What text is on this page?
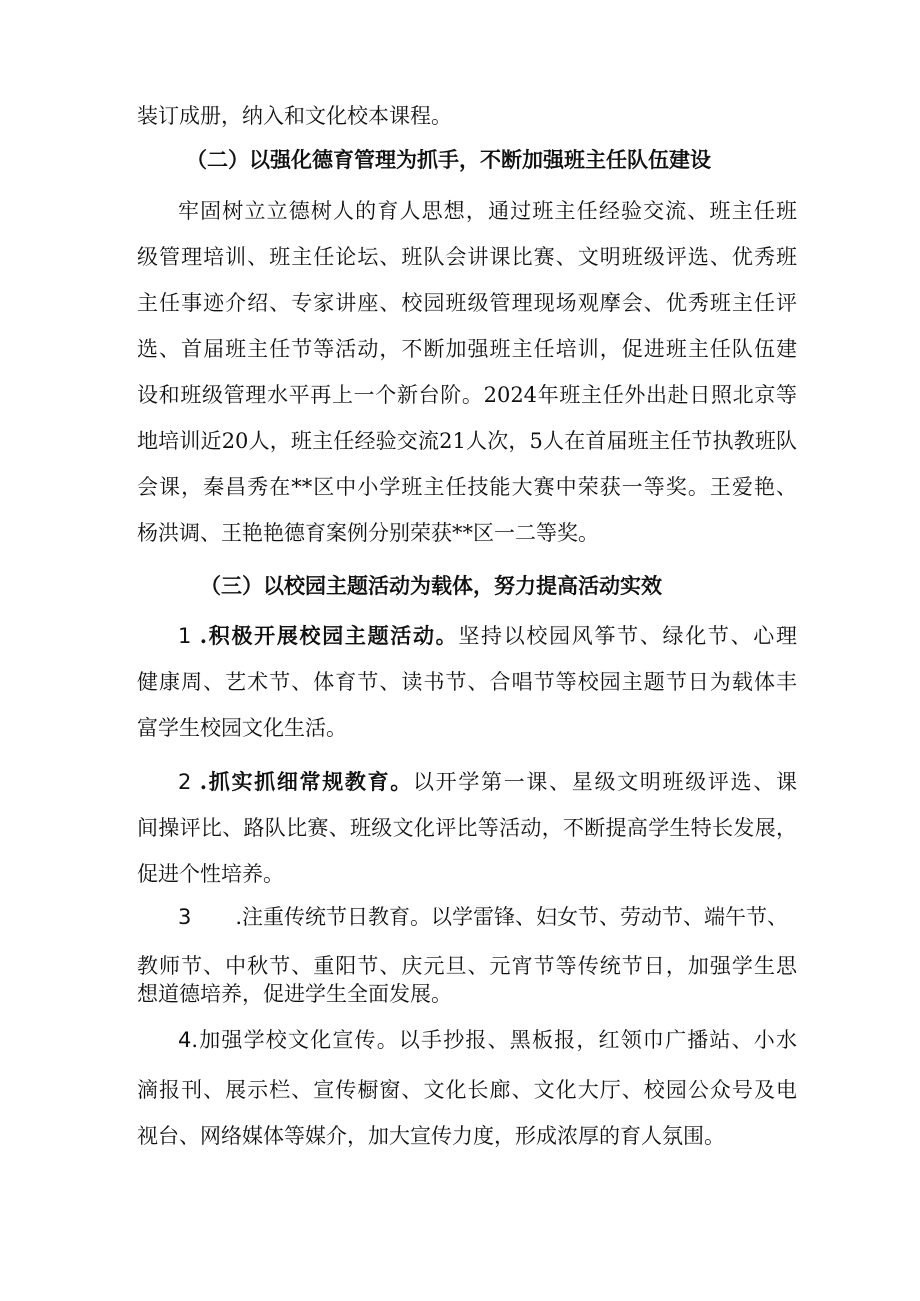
装订成册，纳入和文化校本课程。
（二）以强化德育管理为抓手，不断加强班主任队伍建设
牢固树立立德树人的育人思想，通过班主任经验交流、班主任班
级管理培训、班主任论坛、班队会讲课比赛、文明班级评选、优秀班
主任事迹介绍、专家讲座、校园班级管理现场观摩会、优秀班主任评
选、首届班主任节等活动，不断加强班主任培训，促进班主任队伍建
设和班级管理水平再上一个新台阶。2024年班主任外出赴日照北京等
地培训近20人，班主任经验交流21人次，5人在首届班主任节执教班队
会课，秦昌秀在**区中小学班主任技能大赛中荣获一等奖。王爱艳、
杨洪调、王艳艳德育案例分别荣获**区一二等奖。
（三）以校园主题活动为载体，努力提高活动实效
1 .积极开展校园主题活动。坚持以校园风筝节、绿化节、心理
健康周、艺术节、体育节、读书节、合唱节等校园主题节日为载体丰
富学生校园文化生活。
2 .抓实抓细常规教育。以开学第一课、星级文明班级评选、课
间操评比、路队比赛、班级文化评比等活动，不断提高学生特长发展，
促进个性培养。
3 .注重传统节日教育。以学雷锋、妇女节、劳动节、端午节、
教师节、中秋节、重阳节、庆元旦、元宵节等传统节日，加强学生思
想道德培养，促进学生全面发展。
4.加强学校文化宣传。以手抄报、黑板报，红领巾广播站、小水
滴报刊、展示栏、宣传橱窗、文化长廊、文化大厅、校园公众号及电
视台、网络媒体等媒介，加大宣传力度，形成浓厚的育人氛围。
